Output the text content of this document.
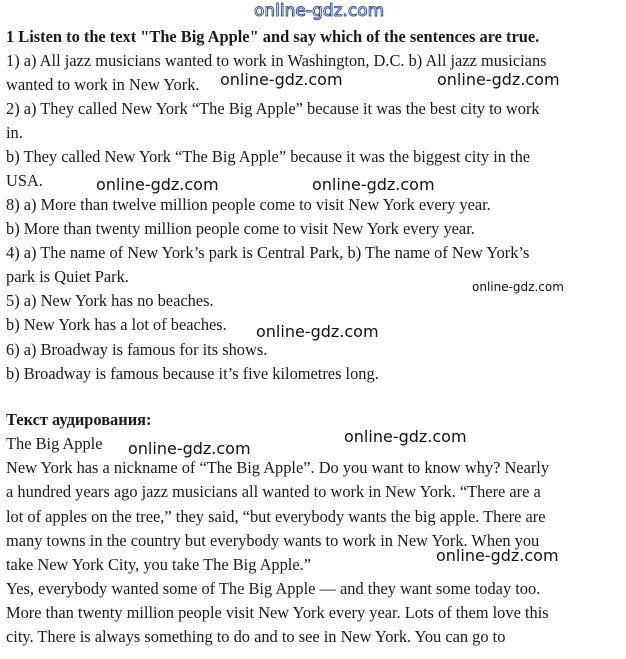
online-gdz.com
1 Listen to the text "The Big Apple" and say which of the sentences are true.
1) a) All jazz musicians wanted to work in Washington, D.C. b) All jazz musicians
wanted to work in New York.
2) a) They called New York “The Big Apple” because it was the best city to work
in.
b) They called New York “The Big Apple” because it was the biggest city in the
USA.
8) a) More than twelve million people come to visit New York every year.
b) More than twenty million people come to visit New York every year.
4) a) The name of New York’s park is Central Park, b) The name of New York’s
park is Quiet Park.
5) a) New York has no beaches.
b) New York has a lot of beaches.
6) a) Broadway is famous for its shows.
b) Broadway is famous because it’s five kilometres long.
Текст аудирования:
The Big Apple
New York has a nickname of “The Big Apple”. Do you want to know why? Nearly
a hundred years ago jazz musicians all wanted to work in New York. “There are a
lot of apples on the tree,” they said, “but everybody wants the big apple. There are
many towns in the country but everybody wants to work in New York. When you
take New York City, you take The Big Apple.”
Yes, everybody wanted some of The Big Apple — and they want some today too.
More than twenty million people visit New York every year. Lots of them love this
city. There is always something to do and to see in New York. You can go to
online-gdz.com	online-gdz.com
online-gdz.com	online-gdz.com
online-gdz.com
online-gdz.com
online-gdz.com
online-gdz.com
online-gdz.com
